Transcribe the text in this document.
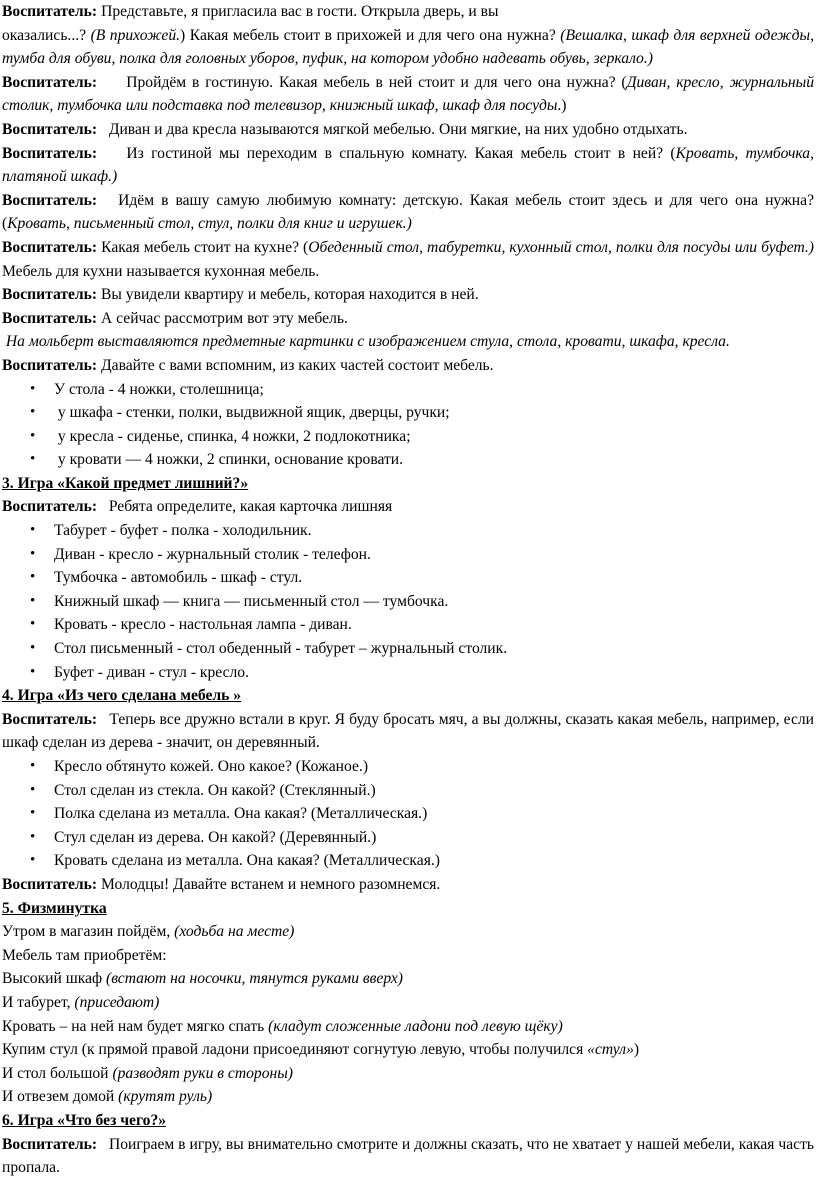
Воспитатель: Представьте, я пригласила вас в гости. Открыла дверь, и вы

оказались...? (В прихожей.) Какая мебель стоит в прихожей и для чего она нужна? (Вешалка, шкаф для верхней одежды, тумба для обуви, полка для головных уборов, пуфик, на котором удобно надевать обувь, зеркало.)

Воспитатель: Пройдём в гостиную. Какая мебель в ней стоит и для чего она нужна? (Диван, кресло, журнальный столик, тумбочка или подставка под телевизор, книжный шкаф, шкаф для посуды.)

Воспитатель: Диван и два кресла называются мягкой мебелью. Они мягкие, на них удобно отдыхать.

Воспитатель: Из гостиной мы переходим в спальную комнату. Какая мебель стоит в ней? (Кровать, тумбочка, платяной шкаф.)

Воспитатель: Идём в вашу самую любимую комнату: детскую. Какая мебель стоит здесь и для чего она нужна? (Кровать, письменный стол, стул, полки для книг и игрушек.)

Воспитатель: Какая мебель стоит на кухне? (Обеденный стол, табуретки, кухонный стол, полки для посуды или буфет.) Мебель для кухни называется кухонная мебель.

Воспитатель: Вы увидели квартиру и мебель, которая находится в ней.

Воспитатель: А сейчас рассмотрим вот эту мебель.

На мольберт выставляются предметные картинки с изображением стула, стола, кровати, шкафа, кресла.

Воспитатель: Давайте с вами вспомним, из каких частей состоит мебель.

• У стола - 4 ножки, столешница;
• у шкафа - стенки, полки, выдвижной ящик, дверцы, ручки;
• у кресла - сиденье, спинка, 4 ножки, 2 подлокотника;
• у кровати — 4 ножки, 2 спинки, основание кровати.

3. Игра «Какой предмет лишний?»

Воспитатель: Ребята определите, какая карточка лишняя

• Табурет - буфет - полка - холодильник.
• Диван - кресло - журнальный столик - телефон.
• Тумбочка - автомобиль - шкаф - стул.
• Книжный шкаф — книга — письменный стол — тумбочка.
• Кровать - кресло - настольная лампа - диван.
• Стол письменный - стол обеденный - табурет – журнальный столик.
• Буфет - диван - стул - кресло.

4. Игра «Из чего сделана мебель »

Воспитатель: Теперь все дружно встали в круг. Я буду бросать мяч, а вы должны, сказать какая мебель, например, если шкаф сделан из дерева - значит, он деревянный.

• Кресло обтянуто кожей. Оно какое? (Кожаное.)
• Стол сделан из стекла. Он какой? (Стеклянный.)
• Полка сделана из металла. Она какая? (Металлическая.)
• Стул сделан из дерева. Он какой? (Деревянный.)
• Кровать сделана из металла. Она какая? (Металлическая.)

Воспитатель: Молодцы! Давайте встанем и немного разомнемся.

5. Физминутка

Утром в магазин пойдём, (ходьба на месте)

Мебель там приобретём:

Высокий шкаф (встают на носочки, тянутся руками вверх)

И табурет, (приседают)

Кровать – на ней нам будет мягко спать (кладут сложенные ладони под левую щёку)

Купим стул (к прямой правой ладони присоединяют согнутую левую, чтобы получился «стул»)

И стол большой (разводят руки в стороны)

И отвезем домой (крутят руль)

6. Игра «Что без чего?»

Воспитатель: Поиграем в игру, вы внимательно смотрите и должны сказать, что не хватает у нашей мебели, какая часть пропала.
